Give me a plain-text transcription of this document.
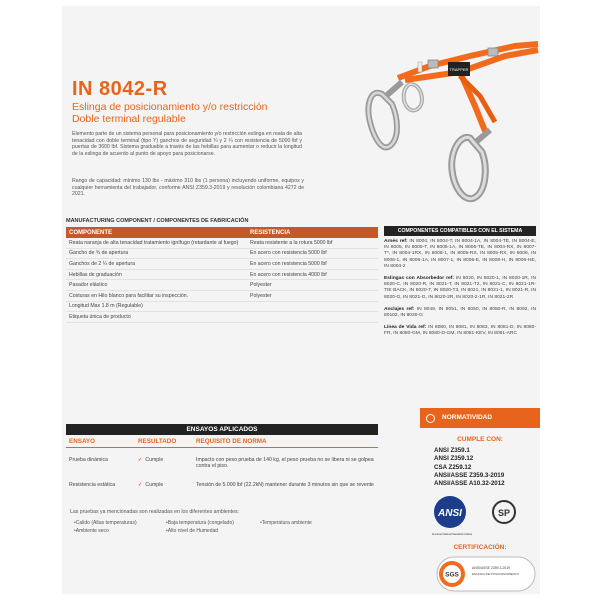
IN 8042-R
Eslinga de posicionamiento y/o restricción
Doble terminal regulable
Elemento parte de un sistema personal para posicionamiento y/o restricción eslinga en reata de alta tenacidad con doble terminal (tipo Y) ganchos de seguridad ¾ y 2 ¼ con resistencia de 5000 lbf y puertas de 3600 lbf. Sistema graduable a través de las hebillas para aumentar o reducir la longitud de la eslinga de acuerdo al punto de apoyo para posicionarse.
Rango de capacidad: mínimo 130 lbs - máximo 310 lbs (1 persona) incluyendo uniforme, equipos y cualquier herramienta del trabajador, conforme ANSI Z359.3-2019 y resolución colombiana 4272 de 2021.
TRAPPER
MANUFACTURING COMPONENT / COMPONENTES DE FABRICACIÓN
COMPONENTE	RESISTENCIA
Reata naranja de alta tenacidad tratamiento ignífugo (retardante al fuego)	Reata resistente a la rotura 5000 lbf
Gancho de ¾ de apertura	En acero con resistencia 5000 lbf
Ganchos de 2 ¼ de apertura	En acero con resistencia 5000 lbf
Hebillas de graduación	En acero con resistencia 4000 lbf
Pasador elástico	Polyester
Costuras en Hilo blanco para facilitar su inspección.	Polyester
Longitud Max 1.8 m (Regulable)
Etiqueta única de producto
COMPONENTES COMPATIBLES CON EL SISTEMA
Arnés ref: IN 8004, IN 8004-T, IN 8004-1A, IN 8004-TE, IN 8004-E, IN 8005, IN 8005-T, IN 8005-1A, IN 8005-TE, IN 8004-RX, IN 8007-T*, IN 8004-1RX, IN 8008-1, IN 8005-RX, IN 8005-RX, IN 8006, IN 8006-1, IN 8006-1A, IN 8007-1, IN 8006-E, IN 8008-H, IN 8006-HE, IN 8004-2
Eslingas con Absorbedor ref: IN 8020, IN 8020-1, IN 8020-1R, IN 8020-C, IN 8020-R, IN 8021-T, IN 8021-T2, IN 8021-C, IN 8021-1R-TIE BACK, IN 8020-T, IN 8020-T3, IN 8021, IN 8021-1, IN 8021-R, IN 8020-G, IN 8021-G, IN 8020-2R, IN 8020-2-1R, IN 8021-2R
Anclajes ref: IN 8049, IN 8051, IN 8050, IN 8050-R, IN 8092, IN 80102, IN 8030-G
Línea de Vida ref: IN 8080, IN 8081, IN 8083, IN 8081-D, IN 8080-FR, IN 8080-GM, IN 8080-D-GM, IN 8081-KEV, IN 8081-ARC
ENSAYOS APLICADOS
ENSAYO	RESULTADO	REQUISITO DE NORMA
Prueba dinámica	✓ Cumple	Impacto con peso prueba de 140 kg, el peso prueba no se libera ni se golpea contra el piso.
Resistencia estática	✓ Cumple	Tensión de 5.000 lbf (22.2kN) mantener durante 3 minutos sin que se revente
Las pruebas ya mencionadas son realizadas en los diferentes ambientes:
•Calido (Altas temperaturas)
•Ambiente seco
•Baja temperatura (congelado)
•Alto nivel de Humedad
•Temperatura ambiente
NORMATIVIDAD
CUMPLE CON:
ANSI Z359.1
ANSI Z359.12
CSA Z259.12
ANSI/ASSE Z359.3-2019
ANSI/ASSE A10.32-2012
ANSI
American National Standards Institute
SP
CERTIFICACIÓN:
SGS
ANSI/ASSE Z359.3-2019
ESLINGA DE POSICIONAMIENTO
